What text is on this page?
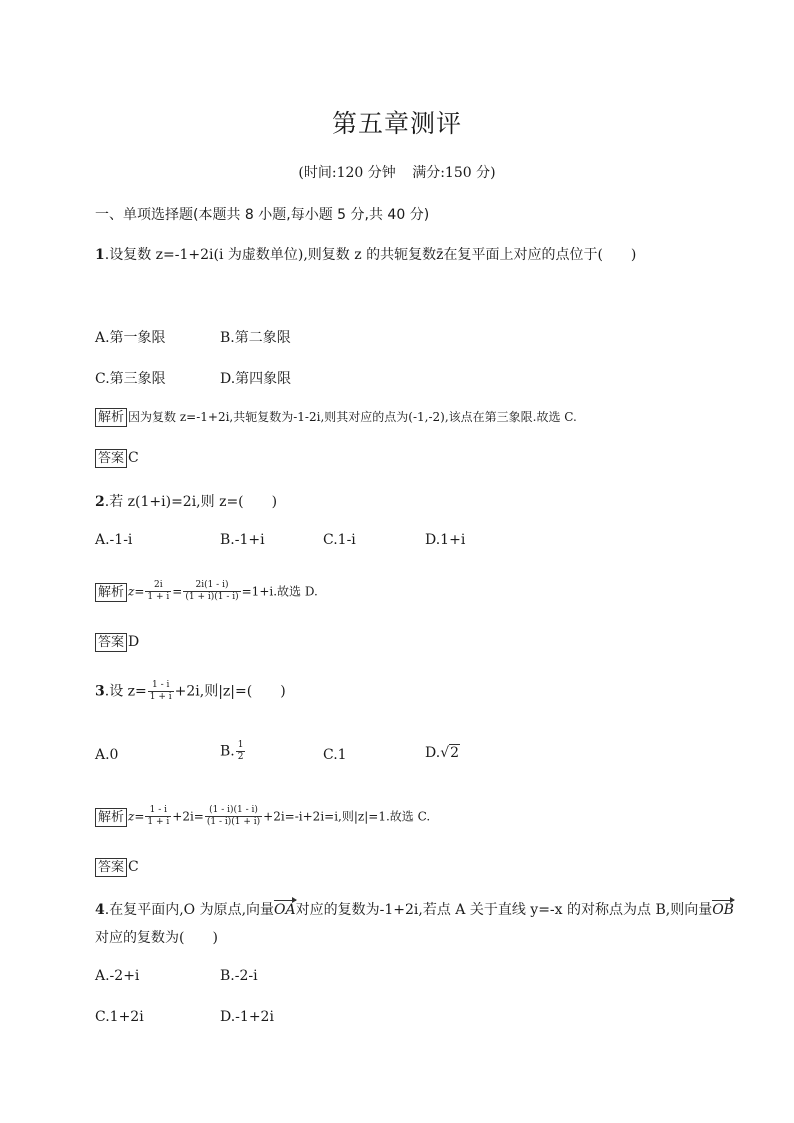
第五章测评
(时间:120 分钟 满分:150 分)
一、单项选择题(本题共 8 小题,每小题 5 分,共 40 分)
1.设复数 z=-1+2i(i 为虚数单位),则复数 z 的共轭复数z̄在复平面上对应的点位于(　　)
A.第一象限	B.第二象限
C.第三象限	D.第四象限
解析 因为复数 z=-1+2i,共轭复数为-1-2i,则其对应的点为(-1,-2),该点在第三象限.故选 C.
答案 C
2.若 z(1+i)=2i,则 z=(　　)
A.-1-i	B.-1+i	C.1-i	D.1+i
解析 $z= \frac{2i}{1 + i} = \frac{2i(1 - i)}{(1 + i)(1 - i)} =1+i$.故选 D.
答案 D
3.设 $z= \frac{1 - i}{1 + i} +2i$,则|z|=(　　)
A.0	B. $\frac{1}{2}$	C.1	D.√2
解析 $z= \frac{1 - i}{1 + i} +2i= \frac{(1 - i)(1 - i)}{(1 - i)(1 + i)} +2i=-i+2i=i$,则|z|=1.故选 C.
答案 C
4.在复平面内,O 为原点,向量OA对应的复数为-1+2i,若点 A 关于直线 y=-x 的对称点为点 B,则向量OB
对应的复数为(　　)
A.-2+i	B.-2-i
C.1+2i	D.-1+2i
